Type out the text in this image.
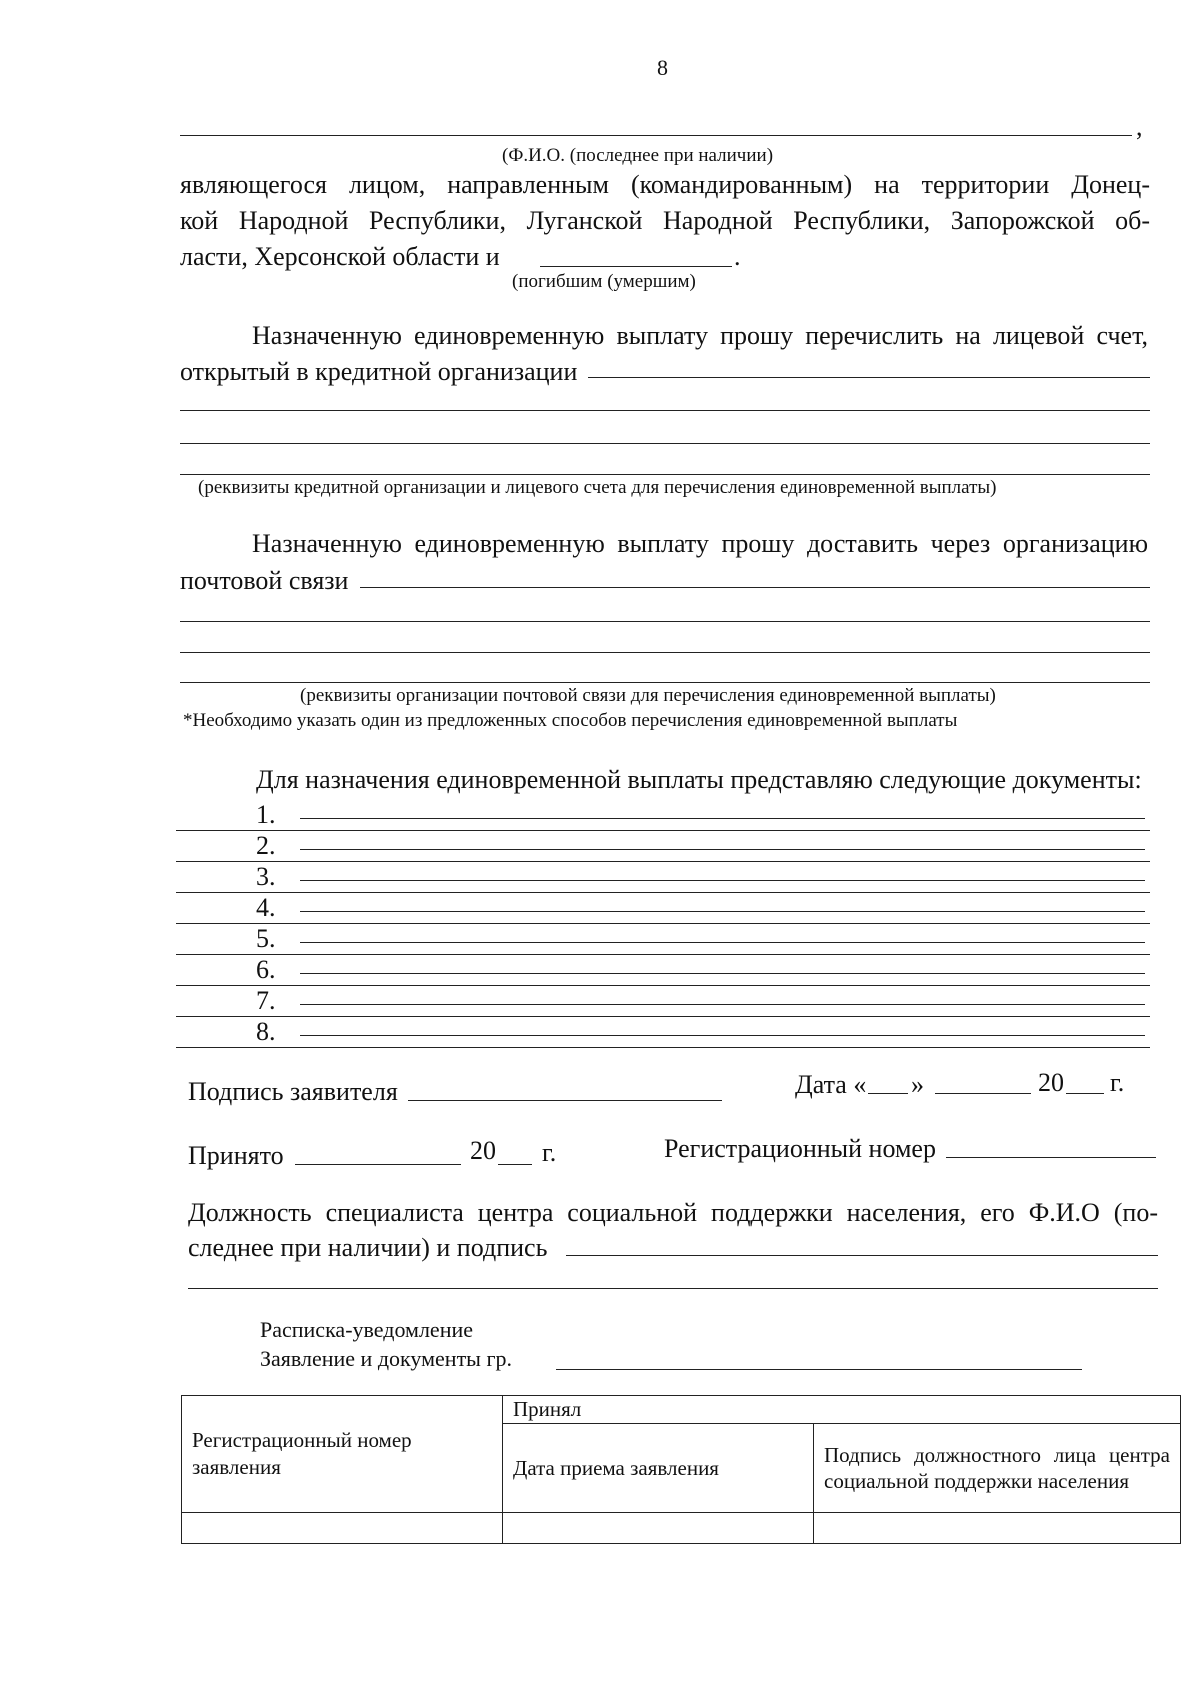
8
,
(Ф.И.О. (последнее при наличии)
являющегося лицом, направленным (командированным) на территории Донец-
кой Народной Республики, Луганской Народной Республики, Запорожской об-
ласти, Херсонской области и	.
(погибшим (умершим)
Назначенную единовременную выплату прошу перечислить на лицевой счет,
открытый в кредитной организации
(реквизиты кредитной организации и лицевого счета для перечисления единовременной выплаты)
Назначенную единовременную выплату прошу доставить через организацию
почтовой связи
(реквизиты организации почтовой связи для перечисления единовременной выплаты)
*Необходимо указать один из предложенных способов перечисления единовременной выплаты
Для назначения единовременной выплаты представляю следующие документы:
1.
2.
3.
4.
5.
6.
7.
8.
Подпись заявителя	Дата « »	20 г.
Принято	20 г.	Регистрационный номер
Должность специалиста центра социальной поддержки населения, его Ф.И.О (по-
следнее при наличии) и подпись
Расписка-уведомление
Заявление и документы гр.
Регистрационный номер заявления	Принял	
	Дата приема заявления	Подпись должностного лица центра социальной поддержки населения
